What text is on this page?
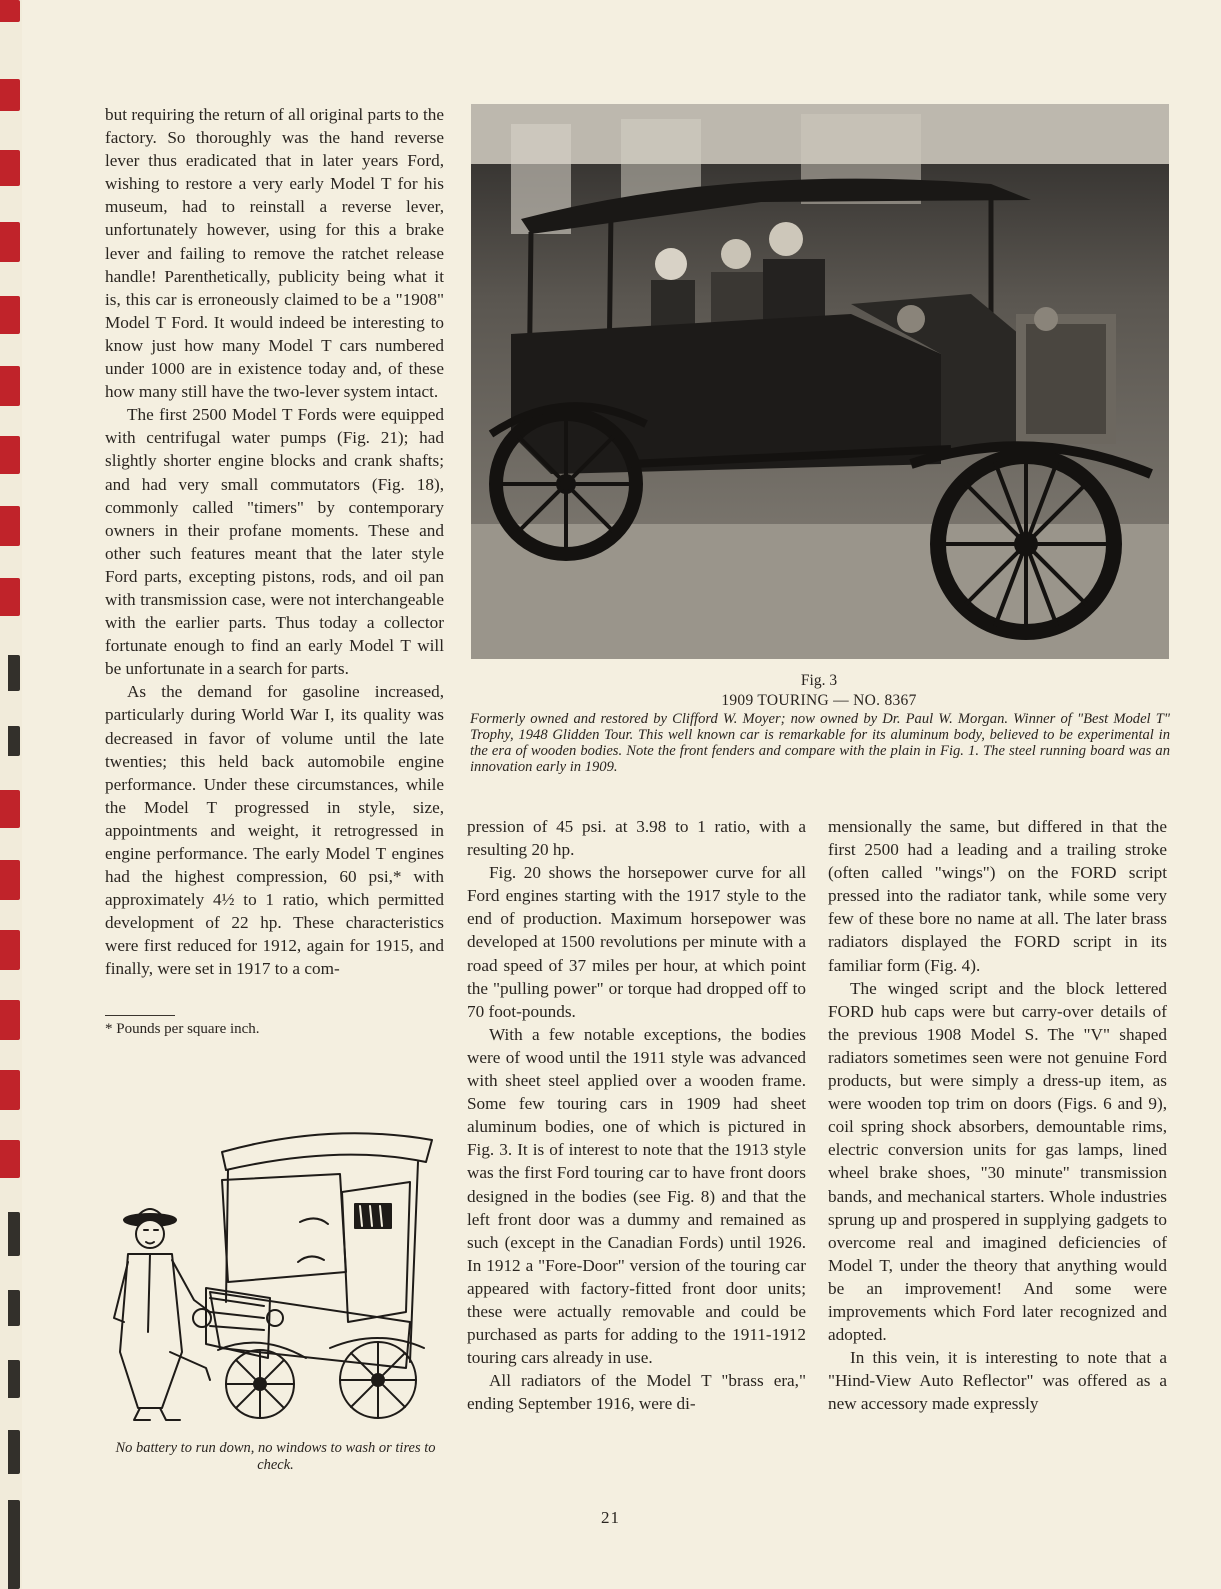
but requiring the return of all original parts to the factory. So thoroughly was the hand reverse lever thus eradicated that in later years Ford, wishing to restore a very early Model T for his museum, had to reinstall a reverse lever, unfortunately however, using for this a brake lever and failing to remove the ratchet release handle! Parenthetically, publicity being what it is, this car is erroneously claimed to be a "1908" Model T Ford. It would indeed be interesting to know just how many Model T cars numbered under 1000 are in existence today and, of these how many still have the two-lever system intact.

The first 2500 Model T Fords were equipped with centrifugal water pumps (Fig. 21); had slightly shorter engine blocks and crank shafts; and had very small commutators (Fig. 18), commonly called "timers" by contemporary owners in their profane moments. These and other such features meant that the later style Ford parts, excepting pistons, rods, and oil pan with transmission case, were not interchangeable with the earlier parts. Thus today a collector fortunate enough to find an early Model T will be unfortunate in a search for parts.

As the demand for gasoline increased, particularly during World War I, its quality was decreased in favor of volume until the late twenties; this held back automobile engine performance. Under these circumstances, while the Model T progressed in style, size, appointments and weight, it retrogressed in engine performance. The early Model T engines had the highest compression, 60 psi,* with approximately 4½ to 1 ratio, which permitted development of 22 hp. These characteristics were first reduced for 1912, again for 1915, and finally, were set in 1917 to a com-

* Pounds per square inch.
No battery to run down, no windows to wash or tires to check.
Fig. 3
1909 TOURING — NO. 8367
Formerly owned and restored by Clifford W. Moyer; now owned by Dr. Paul W. Morgan. Winner of "Best Model T" Trophy, 1948 Glidden Tour. This well known car is remarkable for its aluminum body, believed to be experimental in the era of wooden bodies. Note the front fenders and compare with the plain in Fig. 1. The steel running board was an innovation early in 1909.

pression of 45 psi. at 3.98 to 1 ratio, with a resulting 20 hp.

Fig. 20 shows the horsepower curve for all Ford engines starting with the 1917 style to the end of production. Maximum horsepower was developed at 1500 revolutions per minute with a road speed of 37 miles per hour, at which point the "pulling power" or torque had dropped off to 70 foot-pounds.

With a few notable exceptions, the bodies were of wood until the 1911 style was advanced with sheet steel applied over a wooden frame. Some few touring cars in 1909 had sheet aluminum bodies, one of which is pictured in Fig. 3. It is of interest to note that the 1913 style was the first Ford touring car to have front doors designed in the bodies (see Fig. 8) and that the left front door was a dummy and remained as such (except in the Canadian Fords) until 1926. In 1912 a "Fore-Door" version of the touring car appeared with factory-fitted front door units; these were actually removable and could be purchased as parts for adding to the 1911-1912 touring cars already in use.

All radiators of the Model T "brass era," ending September 1916, were di-

mensionally the same, but differed in that the first 2500 had a leading and a trailing stroke (often called "wings") on the FORD script pressed into the radiator tank, while some very few of these bore no name at all. The later brass radiators displayed the FORD script in its familiar form (Fig. 4).

The winged script and the block lettered FORD hub caps were but carry-over details of the previous 1908 Model S. The "V" shaped radiators sometimes seen were not genuine Ford products, but were simply a dress-up item, as were wooden top trim on doors (Figs. 6 and 9), coil spring shock absorbers, demountable rims, electric conversion units for gas lamps, lined wheel brake shoes, "30 minute" transmission bands, and mechanical starters. Whole industries sprung up and prospered in supplying gadgets to overcome real and imagined deficiencies of Model T, under the theory that anything would be an improvement! And some were improvements which Ford later recognized and adopted.

In this vein, it is interesting to note that a "Hind-View Auto Reflector" was offered as a new accessory made expressly

21
